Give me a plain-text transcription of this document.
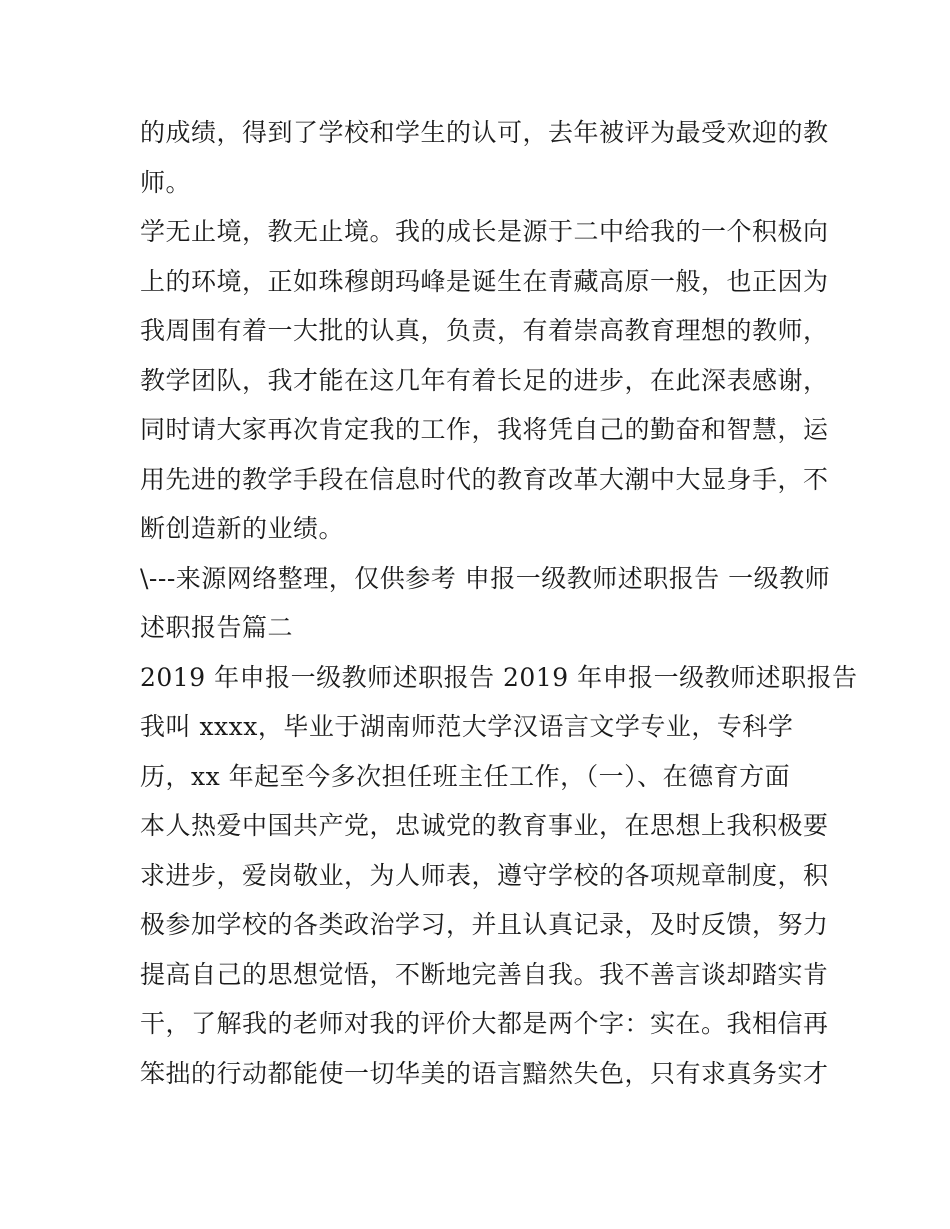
的成绩，得到了学校和学生的认可，去年被评为最受欢迎的教
师。
学无止境，教无止境。我的成长是源于二中给我的一个积极向
上的环境，正如珠穆朗玛峰是诞生在青藏高原一般，也正因为
我周围有着一大批的认真，负责，有着崇高教育理想的教师，
教学团队，我才能在这几年有着长足的进步，在此深表感谢，
同时请大家再次肯定我的工作，我将凭自己的勤奋和智慧，运
用先进的教学手段在信息时代的教育改革大潮中大显身手，不
断创造新的业绩。
\---来源网络整理，仅供参考 申报一级教师述职报告 一级教师
述职报告篇二
2019 年申报一级教师述职报告 2019 年申报一级教师述职报告
我叫 xxxx，毕业于湖南师范大学汉语言文学专业，专科学
历，xx 年起至今多次担任班主任工作，（一）、在德育方面
本人热爱中国共产党，忠诚党的教育事业，在思想上我积极要
求进步，爱岗敬业，为人师表，遵守学校的各项规章制度，积
极参加学校的各类政治学习，并且认真记录，及时反馈，努力
提高自己的思想觉悟，不断地完善自我。我不善言谈却踏实肯
干，了解我的老师对我的评价大都是两个字：实在。我相信再
笨拙的行动都能使一切华美的语言黯然失色，只有求真务实才
